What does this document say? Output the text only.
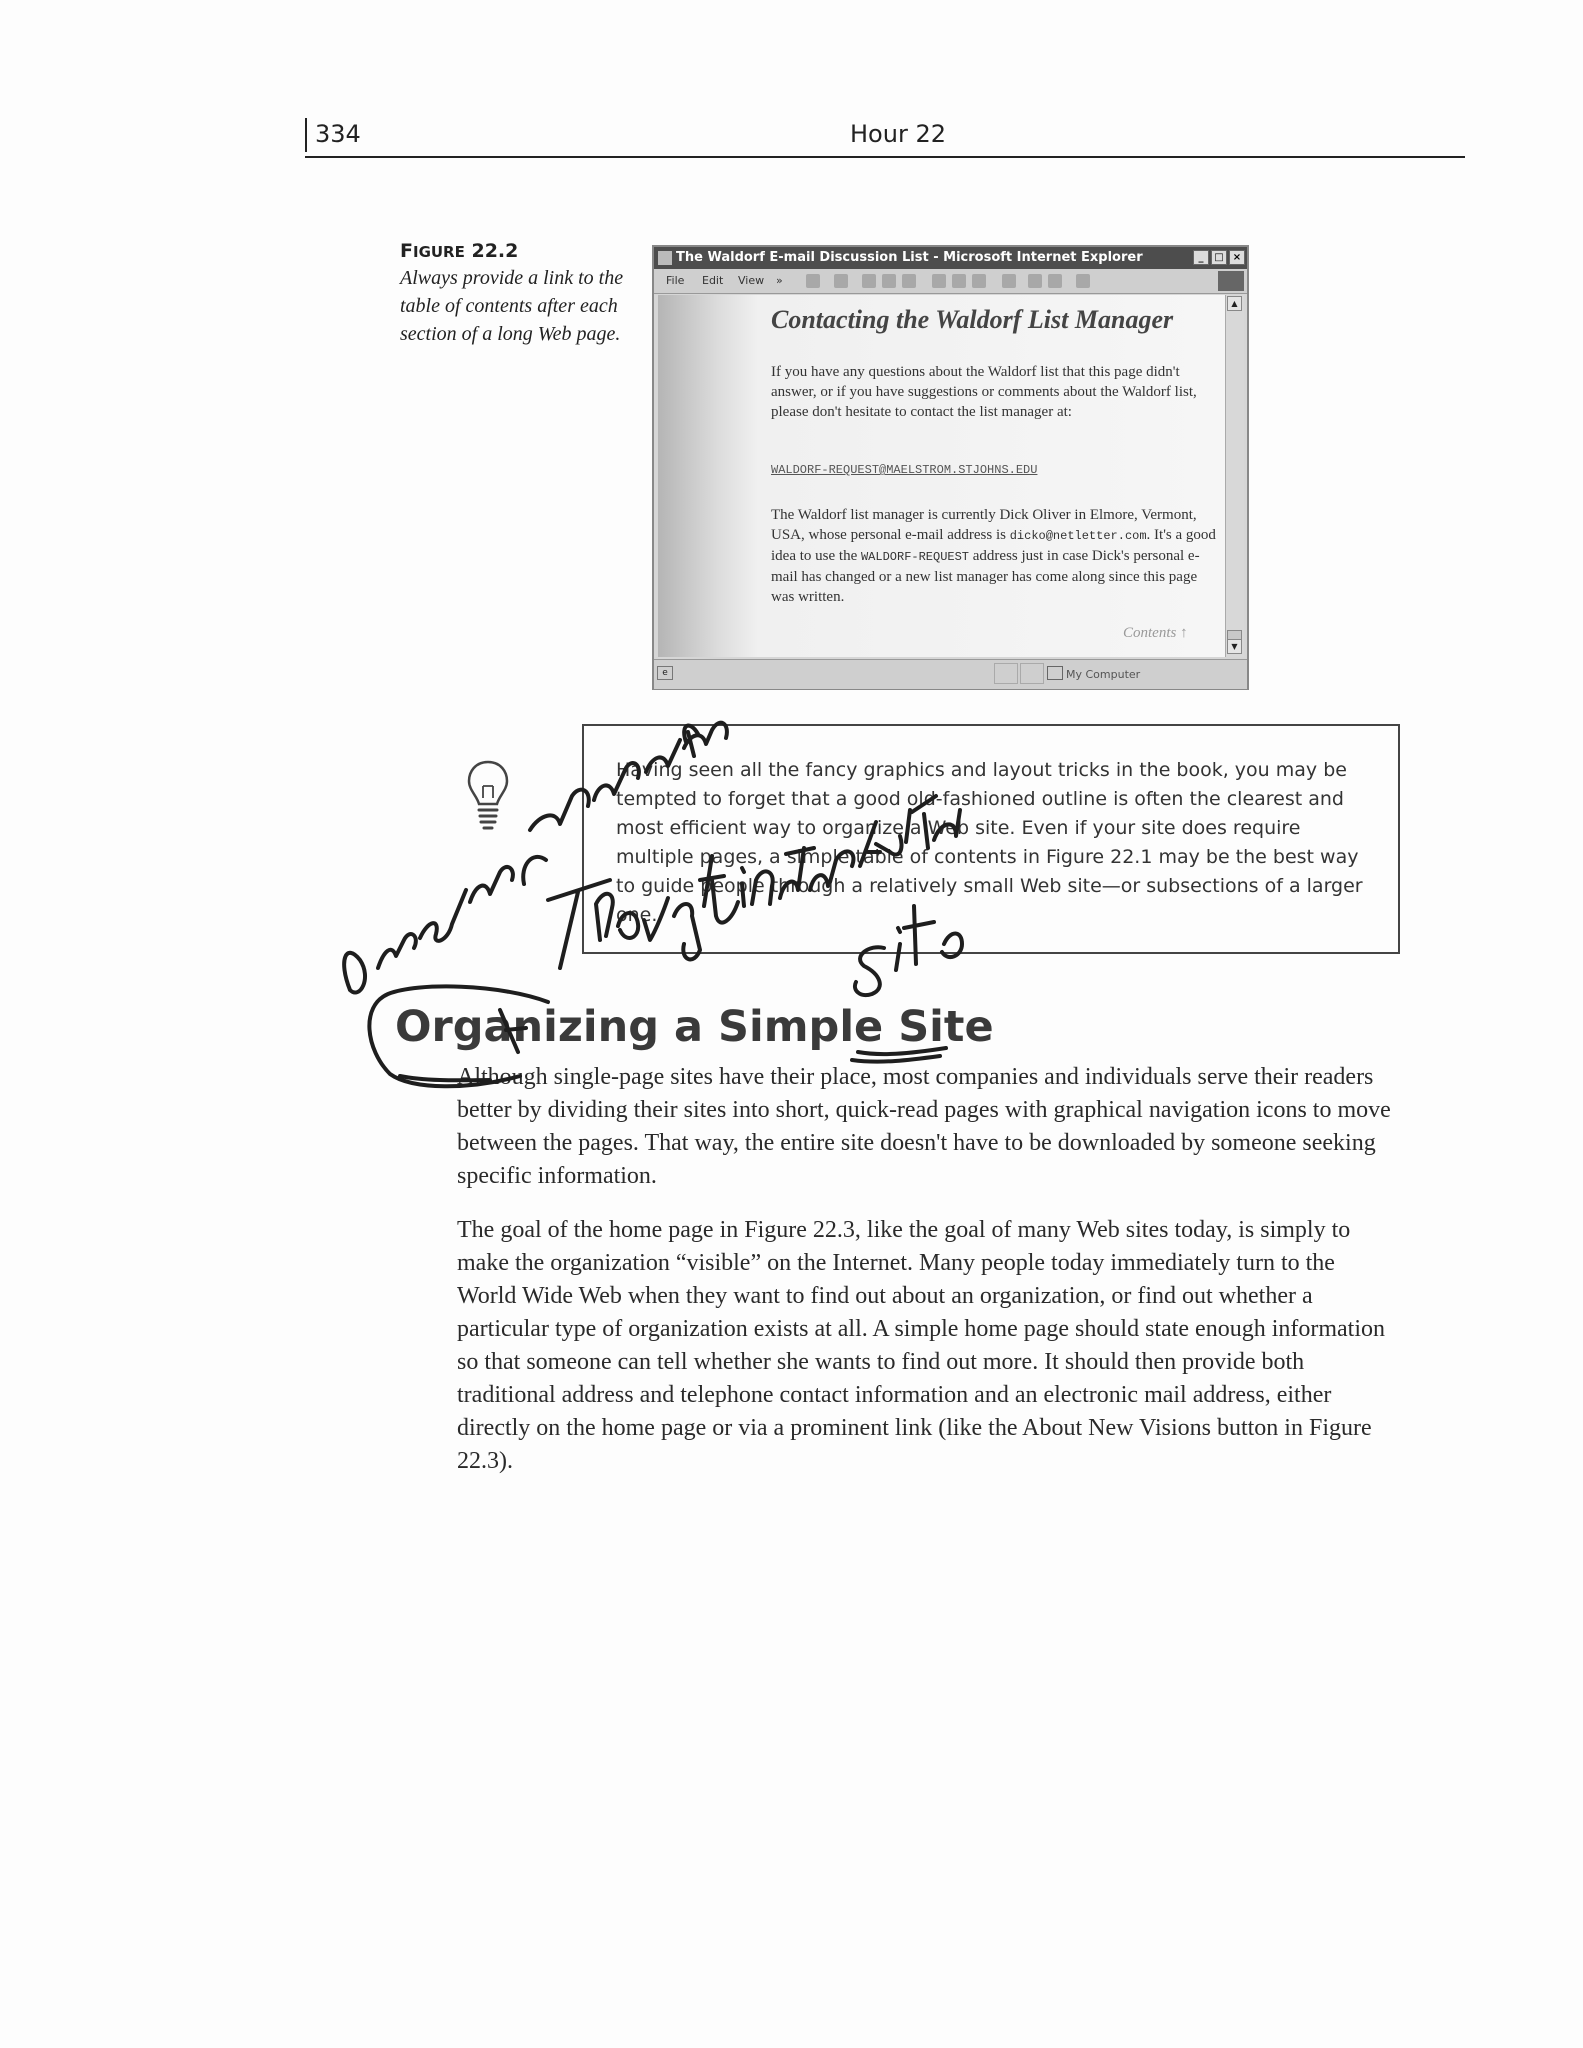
334	Hour 22
FIGURE 22.2

Always provide a link to the table of contents after each section of a long Web page.

The Waldorf E-mail Discussion List - Microsoft Internet Explorer	_	□ ×
File Edit View »
Contacting the Waldorf List Manager

If you have any questions about the Waldorf list that this page didn't answer, or if you have suggestions or comments about the Waldorf list, please don't hesitate to contact the list manager at:

WALDORF-REQUEST@MAELSTROM.STJOHNS.EDU

The Waldorf list manager is currently Dick Oliver in Elmore, Vermont, USA, whose personal e-mail address is dicko@netletter.com. It's a good idea to use the WALDORF-REQUEST address just in case Dick's personal e-mail has changed or a new list manager has come along since this page was written.

Contents ↑
▲
▼
e	My Computer

Having seen all the fancy graphics and layout tricks in the book, you may be tempted to forget that a good old-fashioned outline is often the clearest and most efficient way to organize a Web site. Even if your site does require multiple pages, a simple table of contents in Figure 22.1 may be the best way to guide people through a relatively small Web site—or subsections of a larger one.

Organizing a Simple Site

Although single-page sites have their place, most companies and individuals serve their readers better by dividing their sites into short, quick-read pages with graphical navigation icons to move between the pages. That way, the entire site doesn't have to be downloaded by someone seeking specific information.

The goal of the home page in Figure 22.3, like the goal of many Web sites today, is simply to make the organization “visible” on the Internet. Many people today immediately turn to the World Wide Web when they want to find out about an organization, or find out whether a particular type of organization exists at all. A simple home page should state enough information so that someone can tell whether she wants to find out more. It should then provide both traditional address and telephone contact information and an electronic mail address, either directly on the home page or via a prominent link (like the About New Visions button in Figure 22.3).
